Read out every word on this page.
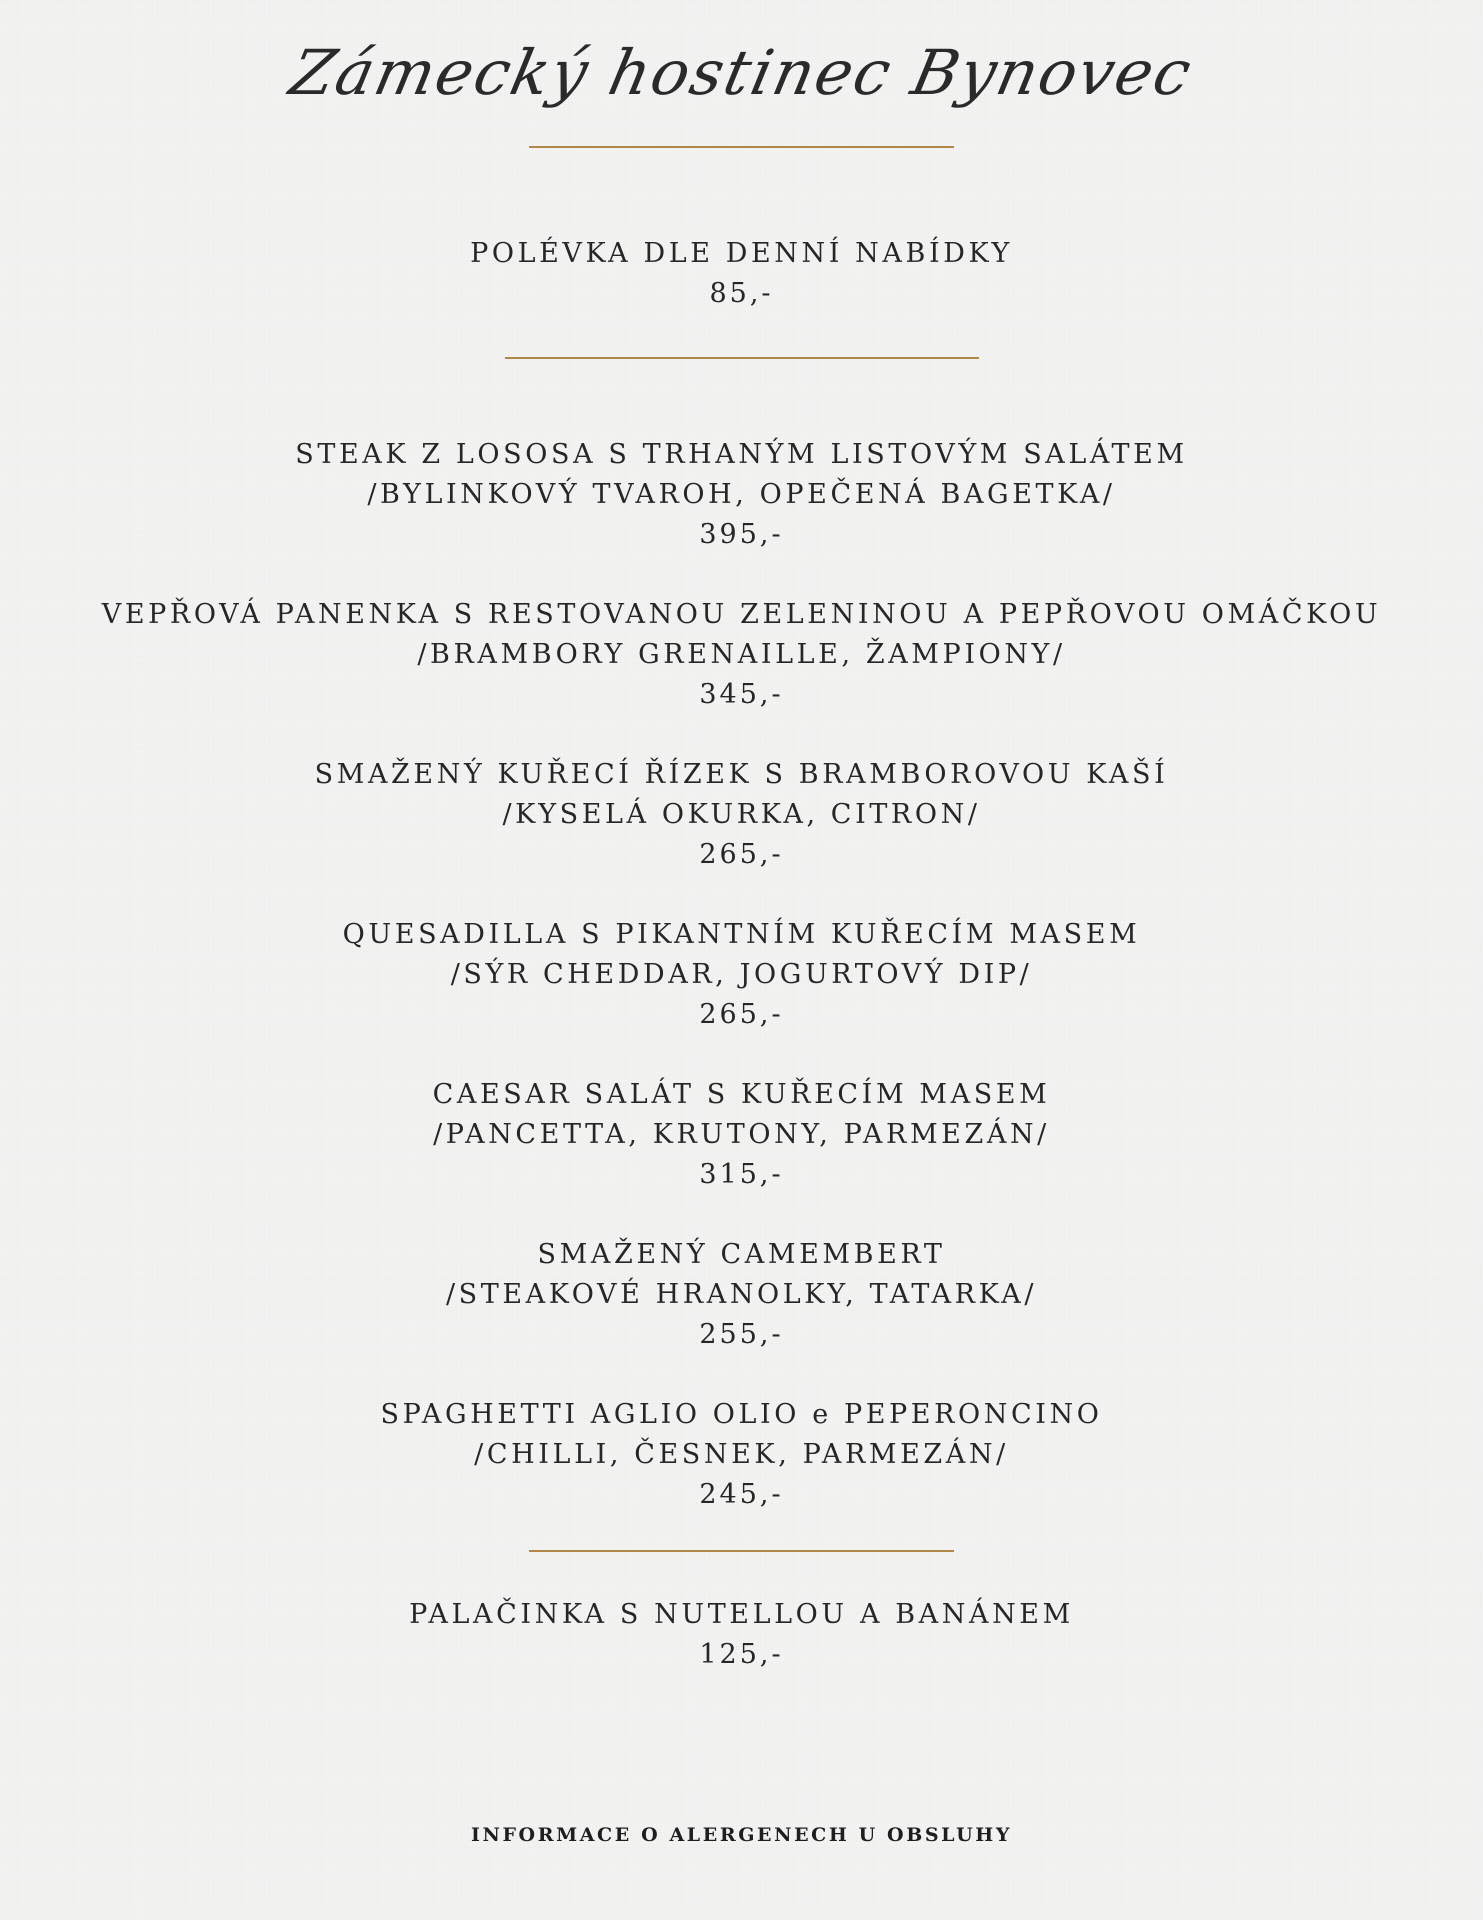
Zámecký hostinec Bynovec
POLÉVKA DLE DENNÍ NABÍDKY
85,-
STEAK Z LOSOSA S TRHANÝM LISTOVÝM SALÁTEM
/BYLINKOVÝ TVAROH, OPEČENÁ BAGETKA/
395,-
VEPŘOVÁ PANENKA S RESTOVANOU ZELENINOU A PEPŘOVOU OMÁČKOU
/BRAMBORY GRENAILLE, ŽAMPIONY/
345,-
SMAŽENÝ KUŘECÍ ŘÍZEK S BRAMBOROVOU KAŠÍ
/KYSELÁ OKURKA, CITRON/
265,-
QUESADILLA S PIKANTNÍM KUŘECÍM MASEM
/SÝR CHEDDAR, JOGURTOVÝ DIP/
265,-
CAESAR SALÁT S KUŘECÍM MASEM
/PANCETTA, KRUTONY, PARMEZÁN/
315,-
SMAŽENÝ CAMEMBERT
/STEAKOVÉ HRANOLKY, TATARKA/
255,-
SPAGHETTI AGLIO OLIO e PEPERONCINO
/CHILLI, ČESNEK, PARMEZÁN/
245,-
PALAČINKA S NUTELLOU A BANÁNEM
125,-
INFORMACE O ALERGENECH U OBSLUHY
